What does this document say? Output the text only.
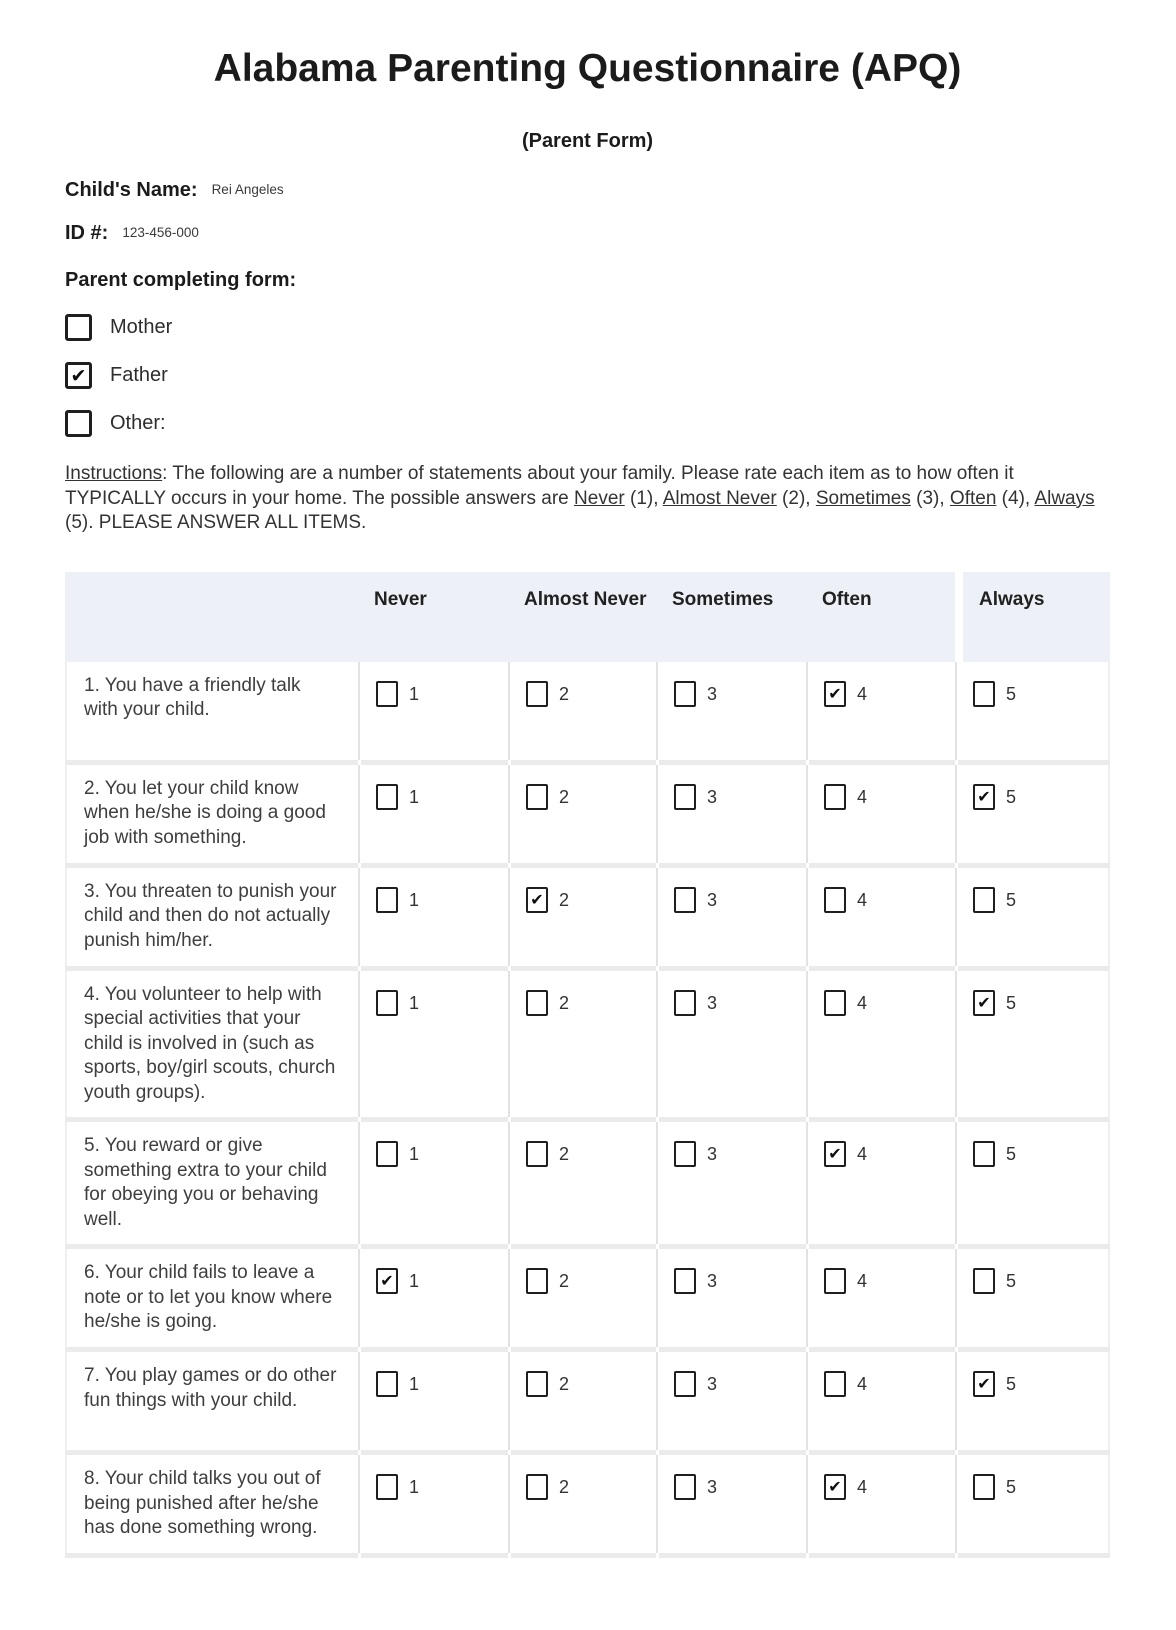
Alabama Parenting Questionnaire (APQ)
(Parent Form)
Child's Name: Rei Angeles
ID #: 123-456-000
Parent completing form:
Mother
✔ Father
Other:

Instructions: The following are a number of statements about your family. Please rate each item as to how often it TYPICALLY occurs in your home. The possible answers are Never (1), Almost Never (2), Sometimes (3), Often (4), Always (5). PLEASE ANSWER ALL ITEMS.

Never	Almost Never	Sometimes	Often	Always
1. You have a friendly talk with your child.
1	2	3	✔ 4	5
2. You let your child know when he/she is doing a good job with something.
1	2	3	4	✔ 5
3. You threaten to punish your child and then do not actually punish him/her.
1	✔ 2	3	4	5
4. You volunteer to help with special activities that your child is involved in (such as sports, boy/girl scouts, church youth groups).
1	2	3	4	✔ 5
5. You reward or give something extra to your child for obeying you or behaving well.
1	2	3	✔ 4	5
6. Your child fails to leave a note or to let you know where he/she is going.
✔ 1	2	3	4	5
7. You play games or do other fun things with your child.
1	2	3	4	✔ 5
8. Your child talks you out of being punished after he/she has done something wrong.
1	2	3	✔ 4	5
